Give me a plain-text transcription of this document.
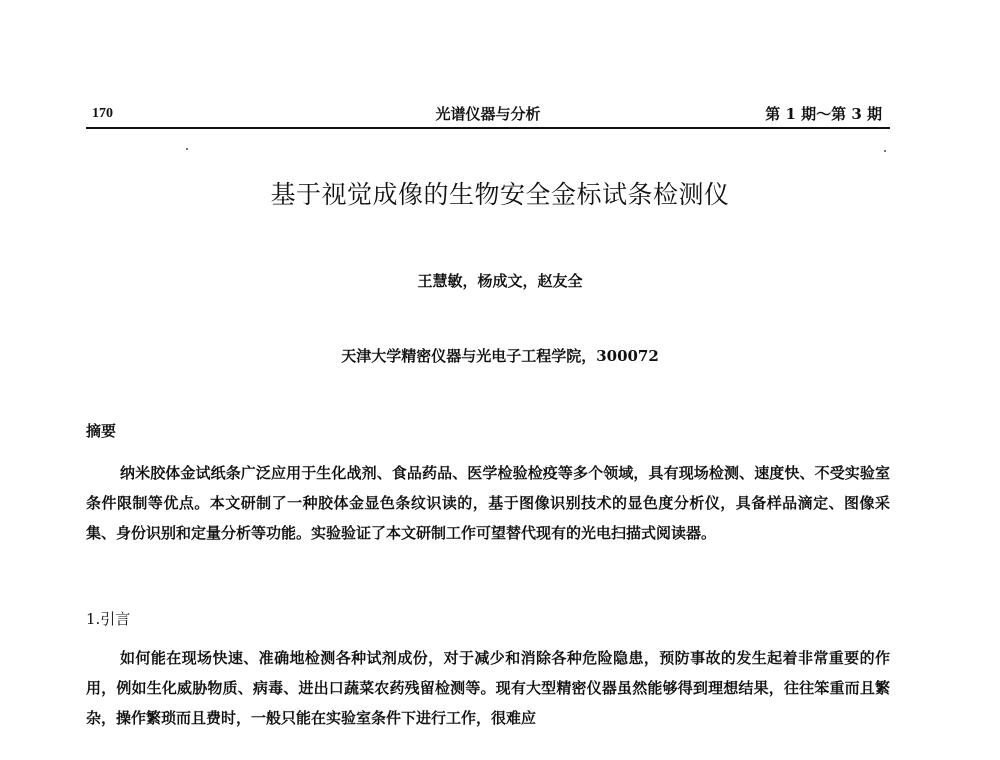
170	光谱仪器与分析	第 1 期～第 3 期
基于视觉成像的生物安全金标试条检测仪
王慧敏，杨成文，赵友全
天津大学精密仪器与光电子工程学院，300072
摘要

纳米胶体金试纸条广泛应用于生化战剂、食品药品、医学检验检疫等多个领域，具有现场检测、速度快、不受实验室条件限制等优点。本文研制了一种胶体金显色条纹识读的，基于图像识别技术的显色度分析仪，具备样品滴定、图像采集、身份识别和定量分析等功能。实验验证了本文研制工作可望替代现有的光电扫描式阅读器。

1.引言

如何能在现场快速、准确地检测各种试剂成份，对于减少和消除各种危险隐患，预防事故的发生起着非常重要的作用，例如生化威胁物质、病毒、进出口蔬菜农药残留检测等。现有大型精密仪器虽然能够得到理想结果，往往笨重而且繁杂，操作繁琐而且费时，一般只能在实验室条件下进行工作，很难应
